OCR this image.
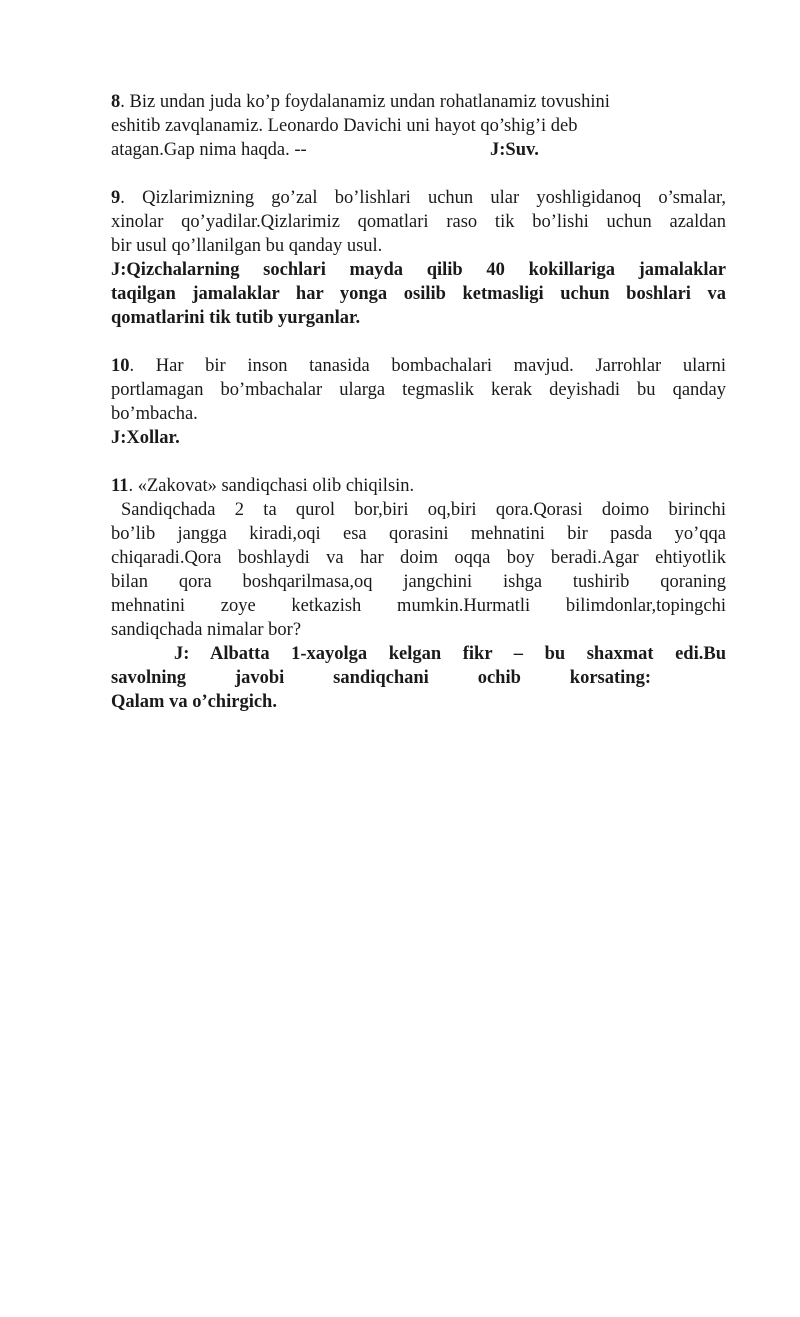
8. Biz undan juda ko’p foydalanamiz undan rohatlanamiz tovushini
eshitib zavqlanamiz. Leonardo Davichi uni hayot qo’shig’i deb
atagan.Gap nima haqda. --	J:Suv.
9. Qizlarimizning go’zal bo’lishlari uchun ular yoshligidanoq o’smalar,
xinolar qo’yadilar.Qizlarimiz qomatlari raso tik bo’lishi uchun azaldan
bir usul qo’llanilgan bu qanday usul.
J:Qizchalarning sochlari mayda qilib 40 kokillariga jamalaklar
taqilgan jamalaklar har yonga osilib ketmasligi uchun boshlari va
qomatlarini tik tutib yurganlar.
10. Har bir inson tanasida bombachalari mavjud. Jarrohlar ularni
portlamagan bo’mbachalar ularga tegmaslik kerak deyishadi bu qanday
bo’mbacha.
J:Xollar.
11. «Zakovat» sandiqchasi olib chiqilsin.
Sandiqchada 2 ta qurol bor,biri oq,biri qora.Qorasi doimo birinchi
bo’lib jangga kiradi,oqi esa qorasini mehnatini bir pasda yo’qqa
chiqaradi.Qora boshlaydi va har doim oqqa boy beradi.Agar ehtiyotlik
bilan qora boshqarilmasa,oq jangchini ishga tushirib qoraning
mehnatini zoye ketkazish mumkin.Hurmatli bilimdonlar,topingchi
sandiqchada nimalar bor?
J: Albatta 1-xayolga kelgan fikr – bu shaxmat edi.Bu
savolning javobi sandiqchani ochib korsating:
Qalam va o’chirgich.
